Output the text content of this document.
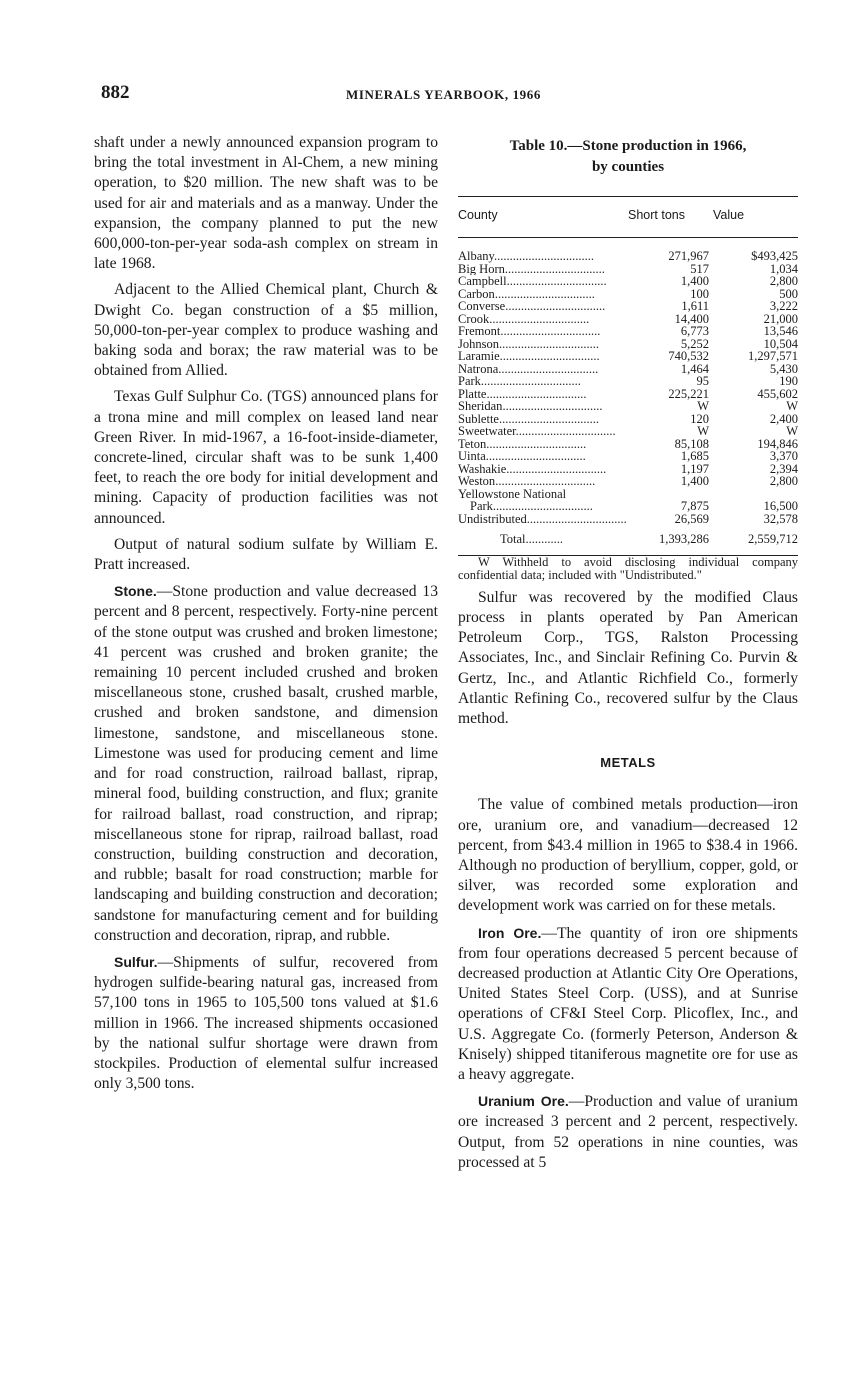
882	MINERALS YEARBOOK, 1966

shaft under a newly announced expansion program to bring the total investment in Al-Chem, a new mining operation, to $20 million. The new shaft was to be used for air and materials and as a manway. Under the expansion, the company planned to put the new 600,000-ton-per-year soda-ash complex on stream in late 1968.

Adjacent to the Allied Chemical plant, Church & Dwight Co. began construction of a $5 million, 50,000-ton-per-year complex to produce washing and baking soda and borax; the raw material was to be obtained from Allied.

Texas Gulf Sulphur Co. (TGS) announced plans for a trona mine and mill complex on leased land near Green River. In mid-1967, a 16-foot-inside-diameter, concrete-lined, circular shaft was to be sunk 1,400 feet, to reach the ore body for initial development and mining. Capacity of production facilities was not announced.

Output of natural sodium sulfate by William E. Pratt increased.

Stone.—Stone production and value decreased 13 percent and 8 percent, respectively. Forty-nine percent of the stone output was crushed and broken limestone; 41 percent was crushed and broken granite; the remaining 10 percent included crushed and broken miscellaneous stone, crushed basalt, crushed marble, crushed and broken sandstone, and dimension limestone, sandstone, and miscellaneous stone. Limestone was used for producing cement and lime and for road construction, railroad ballast, riprap, mineral food, building construction, and flux; granite for railroad ballast, road construction, and riprap; miscellaneous stone for riprap, railroad ballast, road construction, building construction and decoration, and rubble; basalt for road construction; marble for landscaping and building construction and decoration; sandstone for manufacturing cement and for building construction and decoration, riprap, and rubble.

Sulfur.—Shipments of sulfur, recovered from hydrogen sulfide-bearing natural gas, increased from 57,100 tons in 1965 to 105,500 tons valued at $1.6 million in 1966. The increased shipments occasioned by the national sulfur shortage were drawn from stockpiles. Production of elemental sulfur increased only 3,500 tons.

Table 10.—Stone production in 1966,
by counties
County	Short tons	Value
Albany................................	271,967	$493,425
Big Horn................................	517	1,034
Campbell................................	1,400	2,800
Carbon................................	100	500
Converse................................	1,611	3,222
Crook................................	14,400	21,000
Fremont................................	6,773	13,546
Johnson................................	5,252	10,504
Laramie................................	740,532	1,297,571
Natrona................................	1,464	5,430
Park................................	95	190
Platte................................	225,221	455,602
Sheridan................................	W	W
Sublette................................	120	2,400
Sweetwater................................	W	W
Teton................................	85,108	194,846
Uinta................................	1,685	3,370
Washakie................................	1,197	2,394
Weston................................	1,400	2,800
Yellowstone National		
Park................................	7,875	16,500
Undistributed................................	26,569	32,578
Total............	1,393,286	2,559,712

W Withheld to avoid disclosing individual company confidential data; included with "Undistributed."

Sulfur was recovered by the modified Claus process in plants operated by Pan American Petroleum Corp., TGS, Ralston Processing Associates, Inc., and Sinclair Refining Co. Purvin & Gertz, Inc., and Atlantic Richfield Co., formerly Atlantic Refining Co., recovered sulfur by the Claus method.

METALS

The value of combined metals production—iron ore, uranium ore, and vanadium—decreased 12 percent, from $43.4 million in 1965 to $38.4 in 1966. Although no production of beryllium, copper, gold, or silver, was recorded some exploration and development work was carried on for these metals.

Iron Ore.—The quantity of iron ore shipments from four operations decreased 5 percent because of decreased production at Atlantic City Ore Operations, United States Steel Corp. (USS), and at Sunrise operations of CF&I Steel Corp. Plicoflex, Inc., and U.S. Aggregate Co. (formerly Peterson, Anderson & Knisely) shipped titaniferous magnetite ore for use as a heavy aggregate.

Uranium Ore.—Production and value of uranium ore increased 3 percent and 2 percent, respectively. Output, from 52 operations in nine counties, was processed at 5
